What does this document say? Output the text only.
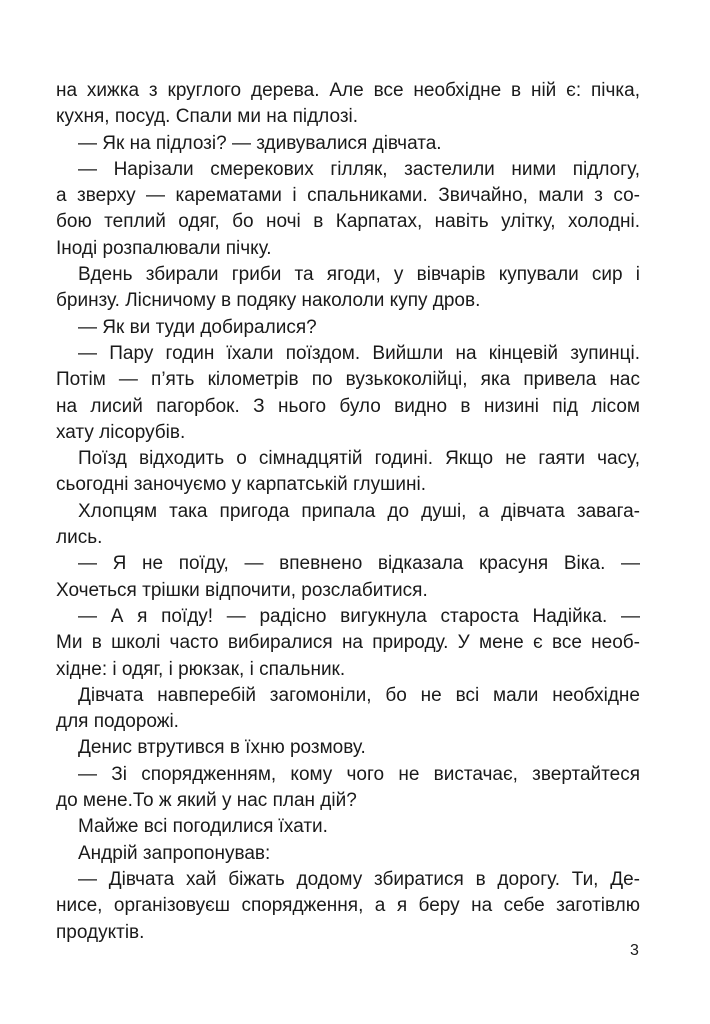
на хижка з круглого дерева. Але все необхідне в ній є: пічка,
кухня, посуд. Спали ми на підлозі.
— Як на підлозі? — здивувалися дівчата.
— Нарізали смерекових гілляк, застелили ними підлогу,
а зверху — карематами і спальниками. Звичайно, мали з со-
бою теплий одяг, бо ночі в Карпатах, навіть улітку, холодні.
Іноді розпалювали пічку.
Вдень збирали гриби та ягоди, у вівчарів купували сир і
бринзу. Лісничому в подяку накололи купу дров.
— Як ви туди добиралися?
— Пару годин їхали поїздом. Вийшли на кінцевій зупинці.
Потім — п’ять кілометрів по вузькоколійці, яка привела нас
на лисий пагорбок. З нього було видно в низині під лісом
хату лісорубів.
Поїзд відходить о сімнадцятій годині. Якщо не гаяти часу,
сьогодні заночуємо у карпатській глушині.
Хлопцям така пригода припала до душі, а дівчата завага-
лись.
— Я не поїду, — впевнено відказала красуня Віка. —
Хочеться трішки відпочити, розслабитися.
— А я поїду! — радісно вигукнула староста Надійка. —
Ми в школі часто вибиралися на природу. У мене є все необ-
хідне: і одяг, і рюкзак, і спальник.
Дівчата навперебій загомоніли, бо не всі мали необхідне
для подорожі.
Денис втрутився в їхню розмову.
— Зі спорядженням, кому чого не вистачає, звертайтеся
до мене.То ж який у нас план дій?
Майже всі погодилися їхати.
Андрій запропонував:
— Дівчата хай біжать додому збиратися в дорогу. Ти, Де-
нисе, організовуєш спорядження, а я беру на себе заготівлю
продуктів.
3
